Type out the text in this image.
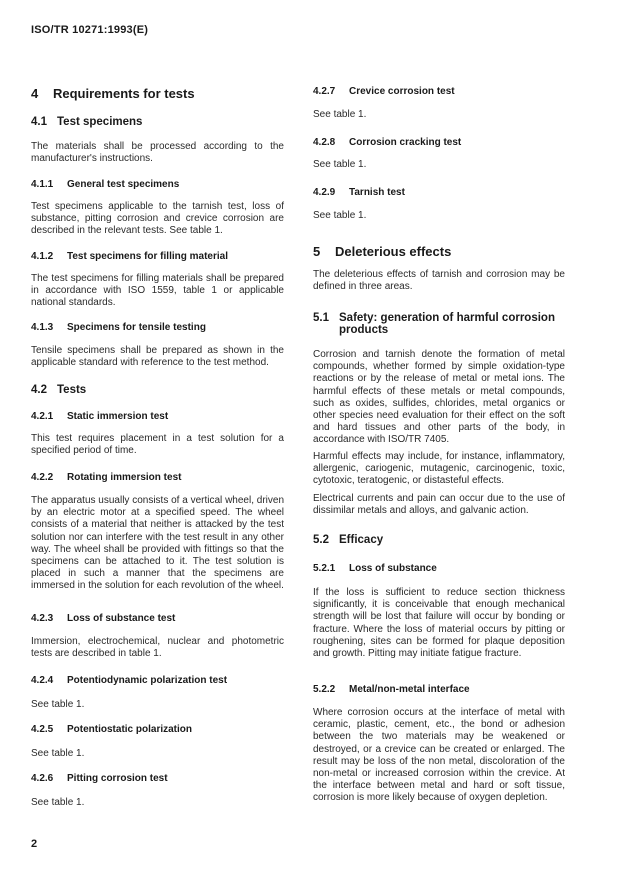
ISO/TR 10271:1993(E)
4 Requirements for tests
4.1 Test specimens
The materials shall be processed according to the manufacturer's instructions.
4.1.1 General test specimens
Test specimens applicable to the tarnish test, loss of substance, pitting corrosion and crevice corrosion are described in the relevant tests. See table 1.
4.1.2 Test specimens for filling material
The test specimens for filling materials shall be prepared in accordance with ISO 1559, table 1 or applicable national standards.
4.1.3 Specimens for tensile testing
Tensile specimens shall be prepared as shown in the applicable standard with reference to the test method.
4.2 Tests
4.2.1 Static immersion test
This test requires placement in a test solution for a specified period of time.
4.2.2 Rotating immersion test
The apparatus usually consists of a vertical wheel, driven by an electric motor at a specified speed. The wheel consists of a material that neither is attacked by the test solution nor can interfere with the test result in any other way. The wheel shall be provided with fittings so that the specimens can be attached to it. The test solution is placed in such a manner that the specimens are immersed in the solution for each revolution of the wheel.
4.2.3 Loss of substance test
Immersion, electrochemical, nuclear and photometric tests are described in table 1.
4.2.4 Potentiodynamic polarization test
See table 1.
4.2.5 Potentiostatic polarization
See table 1.
4.2.6 Pitting corrosion test
See table 1.
4.2.7 Crevice corrosion test
See table 1.
4.2.8 Corrosion cracking test
See table 1.
4.2.9 Tarnish test
See table 1.
5 Deleterious effects
The deleterious effects of tarnish and corrosion may be defined in three areas.
5.1 Safety: generation of harmful corrosion products
Corrosion and tarnish denote the formation of metal compounds, whether formed by simple oxidation-type reactions or by the release of metal or metal ions. The harmful effects of these metals or metal compounds, such as oxides, sulfides, chlorides, metal organics or other species need evaluation for their effect on the soft and hard tissues and other parts of the body, in accordance with ISO/TR 7405.
Harmful effects may include, for instance, inflammatory, allergenic, cariogenic, mutagenic, carcinogenic, toxic, cytotoxic, teratogenic, or distasteful effects.
Electrical currents and pain can occur due to the use of dissimilar metals and alloys, and galvanic action.
5.2 Efficacy
5.2.1 Loss of substance
If the loss is sufficient to reduce section thickness significantly, it is conceivable that enough mechanical strength will be lost that failure will occur by bonding or fracture. Where the loss of material occurs by pitting or roughening, sites can be formed for plaque deposition and growth. Pitting may initiate fatigue fracture.
5.2.2 Metal/non-metal interface
Where corrosion occurs at the interface of metal with ceramic, plastic, cement, etc., the bond or adhesion between the two materials may be weakened or destroyed, or a crevice can be created or enlarged. The result may be loss of the non metal, discoloration of the non-metal or increased corrosion within the crevice. At the interface between metal and hard or soft tissue, corrosion is more likely because of oxygen depletion.
2
